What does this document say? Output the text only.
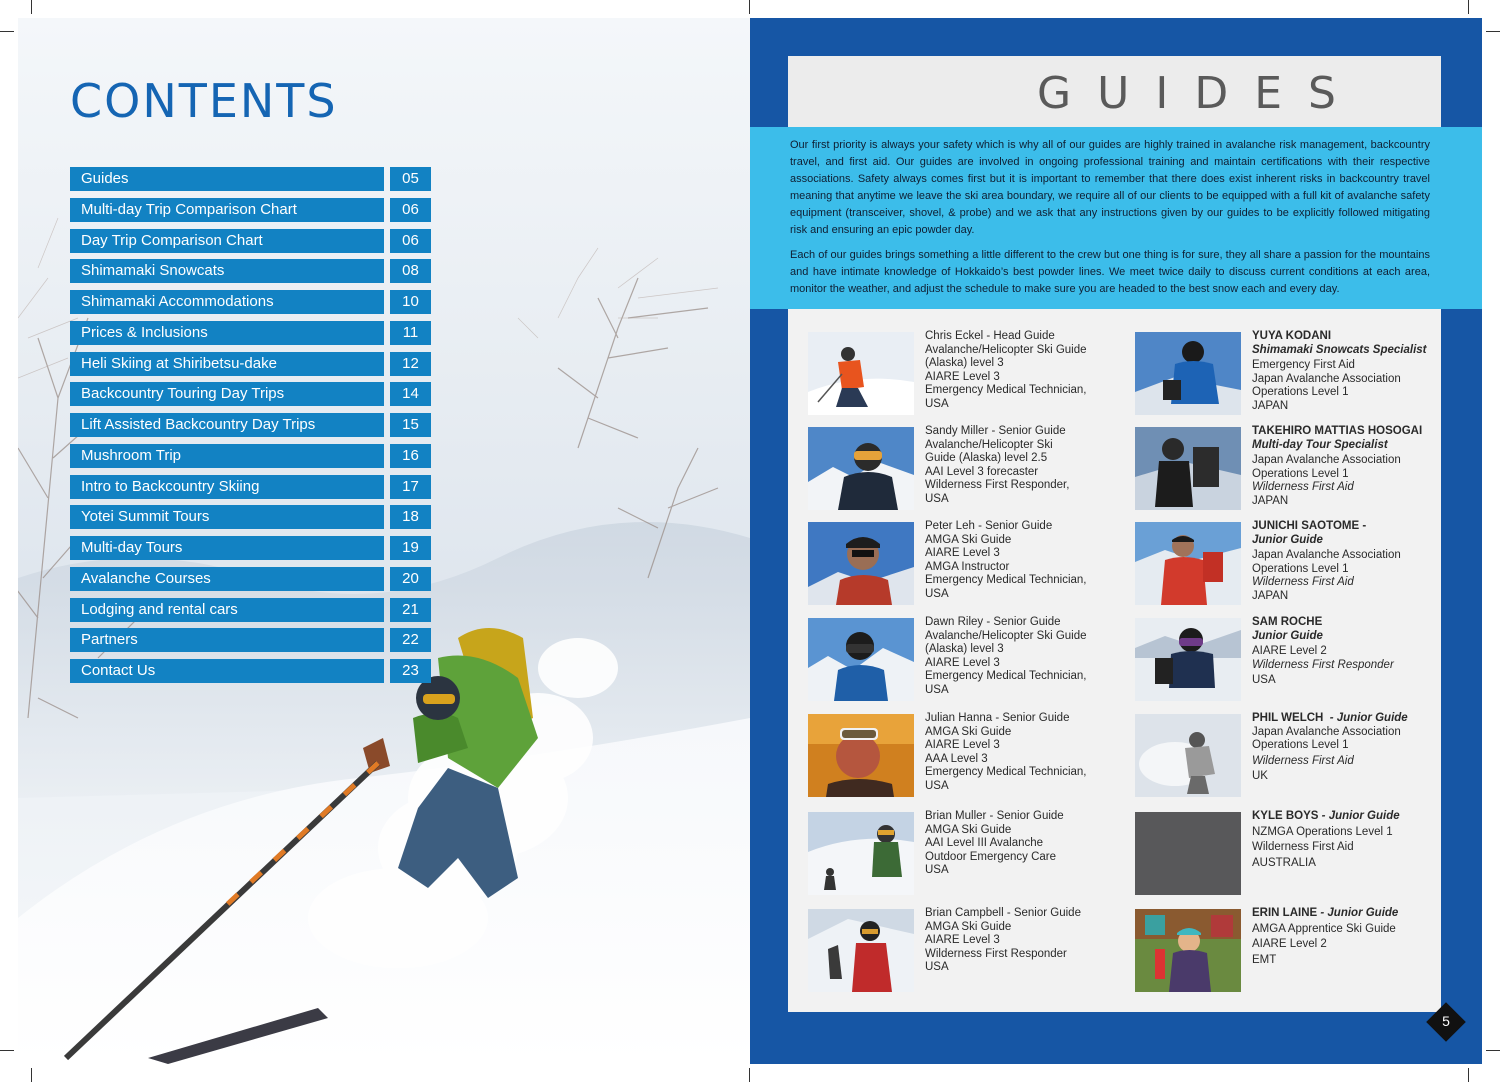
CONTENTS
Guides	05
Multi-day Trip Comparison Chart	06
Day Trip Comparison Chart	06
Shimamaki Snowcats	08
Shimamaki Accommodations	10
Prices & Inclusions	11
Heli Skiing at Shiribetsu-dake	12
Backcountry Touring Day Trips	14
Lift Assisted Backcountry Day Trips	15
Mushroom Trip	16
Intro to Backcountry Skiing	17
Yotei Summit Tours	18
Multi-day Tours	19
Avalanche Courses	20
Lodging and rental cars	21
Partners	22
Contact Us	23
GUIDES

Our first priority is always your safety which is why all of our guides are highly trained in avalanche risk management, backcountry travel, and first aid. Our guides are involved in ongoing professional training and maintain certifications with their respective associations. Safety always comes first but it is important to remember that there does exist inherent risks in backcountry travel meaning that anytime we leave the ski area boundary, we require all of our clients to be equipped with a full kit of avalanche safety equipment (transceiver, shovel, & probe) and we ask that any instructions given by our guides to be explicitly followed mitigating risk and ensuring an epic powder day.

Each of our guides brings something a little different to the crew but one thing is for sure, they all share a passion for the mountains and have intimate knowledge of Hokkaido’s best powder lines. We meet twice daily to discuss current conditions at each area, monitor the weather, and adjust the schedule to make sure you are headed to the best snow each and every day.

Chris Eckel - Head Guide
Avalanche/Helicopter Ski Guide
(Alaska) level 3
AIARE Level 3
Emergency Medical Technician,
USA
Sandy Miller - Senior Guide
Avalanche/Helicopter Ski
Guide (Alaska) level 2.5
AAI Level 3 forecaster
Wilderness First Responder,
USA
Peter Leh - Senior Guide
AMGA Ski Guide
AIARE Level 3
AMGA Instructor
Emergency Medical Technician,
USA
Dawn Riley - Senior Guide
Avalanche/Helicopter Ski Guide
(Alaska) level 3
AIARE Level 3
Emergency Medical Technician,
USA
Julian Hanna - Senior Guide
AMGA Ski Guide
AIARE Level 3
AAA Level 3
Emergency Medical Technician,
USA
Brian Muller - Senior Guide
AMGA Ski Guide
AAI Level III Avalanche
Outdoor Emergency Care
USA
Brian Campbell - Senior Guide
AMGA Ski Guide
AIARE Level 3
Wilderness First Responder
USA
YUYA KODANI
Shimamaki Snowcats Specialist
Emergency First Aid
Japan Avalanche Association
Operations Level 1
JAPAN
TAKEHIRO MATTIAS HOSOGAI
Multi-day Tour Specialist
Japan Avalanche Association
Operations Level 1
Wilderness First Aid
JAPAN
JUNICHI SAOTOME -
Junior Guide
Japan Avalanche Association
Operations Level 1
Wilderness First Aid
JAPAN
SAM ROCHE
Junior Guide
AIARE Level 2
Wilderness First Responder
USA
PHIL WELCH - Junior Guide
Japan Avalanche Association
Operations Level 1
Wilderness First Aid
UK
KYLE BOYS - Junior Guide
NZMGA Operations Level 1
Wilderness First Aid
AUSTRALIA
ERIN LAINE - Junior Guide
AMGA Apprentice Ski Guide
AIARE Level 2
EMT
5
